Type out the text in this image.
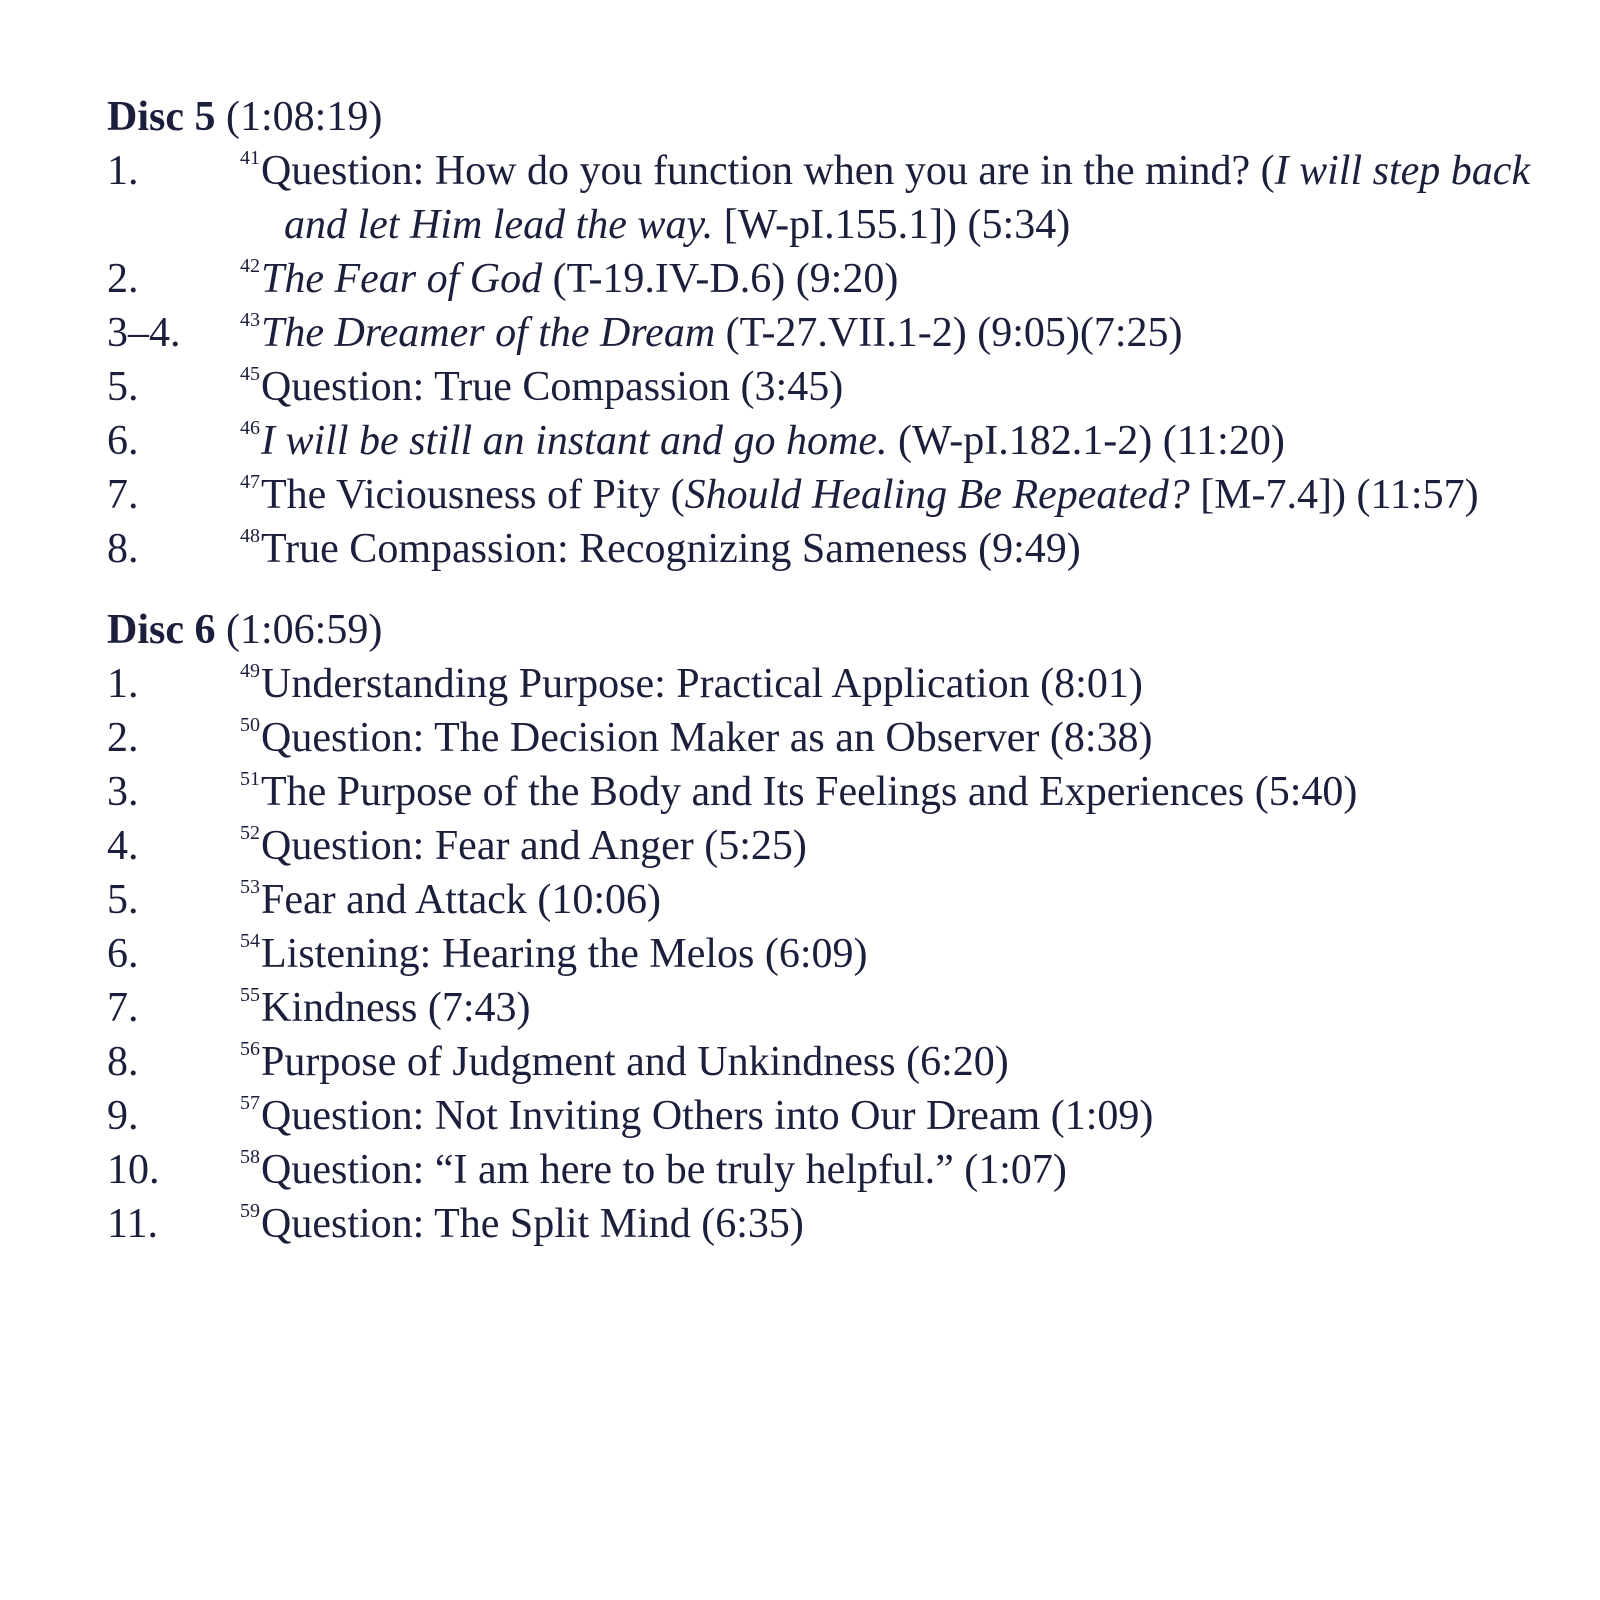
Disc 5 (1:08:19)
1.	$^{41}$Question: How do you function when you are in the mind? (I will step back and let Him lead the way. [W-pI.155.1]) (5:34)
2.	$^{42}$The Fear of God (T-19.IV-D.6) (9:20)
3–4.	$^{43}$The Dreamer of the Dream (T-27.VII.1-2) (9:05)(7:25)
5.	$^{45}$Question: True Compassion (3:45)
6.	$^{46}$I will be still an instant and go home. (W-pI.182.1-2) (11:20)
7.	$^{47}$The Viciousness of Pity (Should Healing Be Repeated? [M-7.4]) (11:57)
8.	$^{48}$True Compassion: Recognizing Sameness (9:49)
Disc 6 (1:06:59)
1.	$^{49}$Understanding Purpose: Practical Application (8:01)
2.	$^{50}$Question: The Decision Maker as an Observer (8:38)
3.	$^{51}$The Purpose of the Body and Its Feelings and Experiences (5:40)
4.	$^{52}$Question: Fear and Anger (5:25)
5.	$^{53}$Fear and Attack (10:06)
6.	$^{54}$Listening: Hearing the Melos (6:09)
7.	$^{55}$Kindness (7:43)
8.	$^{56}$Purpose of Judgment and Unkindness (6:20)
9.	$^{57}$Question: Not Inviting Others into Our Dream (1:09)
10.	$^{58}$Question: “I am here to be truly helpful.” (1:07)
11.	$^{59}$Question: The Split Mind (6:35)
